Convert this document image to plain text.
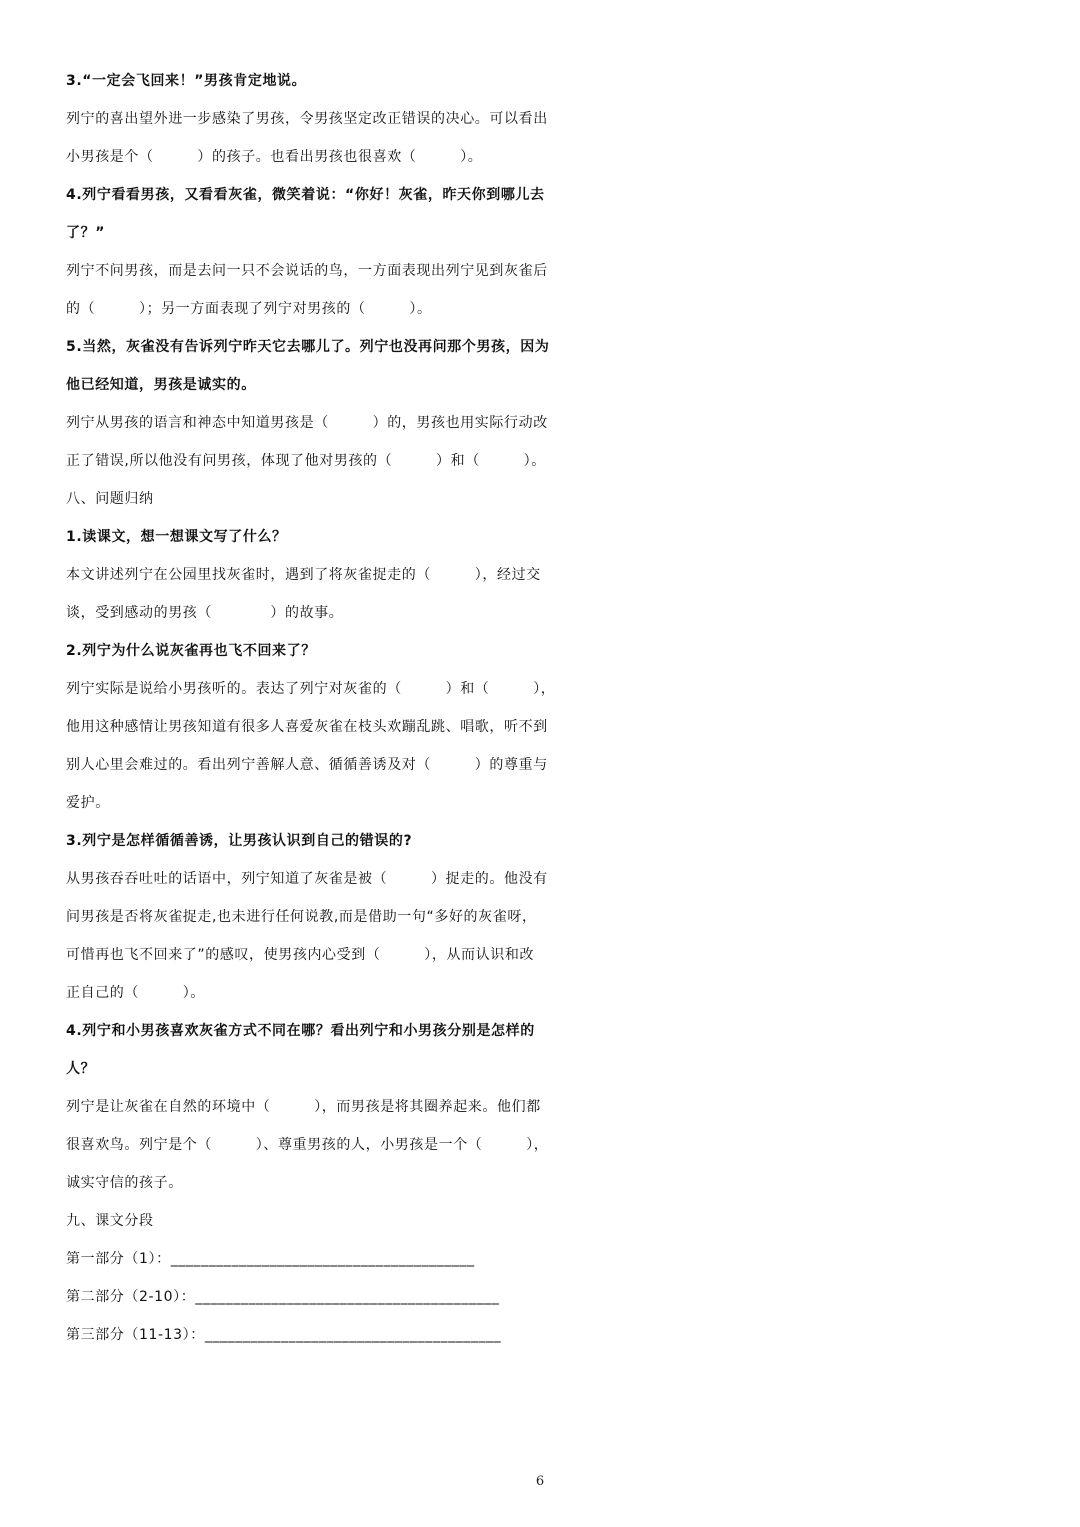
3.“一定会飞回来！”男孩肯定地说。
列宁的喜出望外进一步感染了男孩，令男孩坚定改正错误的决心。可以看出
小男孩是个（　　　）的孩子。也看出男孩也很喜欢（　　　）。
4.列宁看看男孩，又看看灰雀，微笑着说：“你好！灰雀，昨天你到哪儿去
了？”
列宁不问男孩，而是去问一只不会说话的鸟，一方面表现出列宁见到灰雀后
的（　　　）；另一方面表现了列宁对男孩的（　　　）。
5.当然，灰雀没有告诉列宁昨天它去哪儿了。列宁也没再问那个男孩，因为
他已经知道，男孩是诚实的。
列宁从男孩的语言和神态中知道男孩是（　　　）的，男孩也用实际行动改
正了错误,所以他没有问男孩，体现了他对男孩的（　　　）和（　　　）。
八、问题归纳
1.读课文，想一想课文写了什么？
本文讲述列宁在公园里找灰雀时，遇到了将灰雀捉走的（　　　），经过交
谈，受到感动的男孩（　　　　）的故事。
2.列宁为什么说灰雀再也飞不回来了？
列宁实际是说给小男孩听的。表达了列宁对灰雀的（　　　）和（　　　），
他用这种感情让男孩知道有很多人喜爱灰雀在枝头欢蹦乱跳、唱歌，听不到
别人心里会难过的。看出列宁善解人意、循循善诱及对（　　　）的尊重与
爱护。
3.列宁是怎样循循善诱，让男孩认识到自己的错误的?
从男孩吞吞吐吐的话语中，列宁知道了灰雀是被（　　　）捉走的。他没有
问男孩是否将灰雀捉走,也未进行任何说教,而是借助一句“多好的灰雀呀，
可惜再也飞不回来了”的感叹，使男孩内心受到（　　　），从而认识和改
正自己的（　　　）。
4.列宁和小男孩喜欢灰雀方式不同在哪？看出列宁和小男孩分别是怎样的
人？
列宁是让灰雀在自然的环境中（　　　），而男孩是将其圈养起来。他们都
很喜欢鸟。列宁是个（　　　）、尊重男孩的人，小男孩是一个（　　　），
诚实守信的孩子。
九、课文分段
第一部分（1）：________________________________________
第二部分（2-10）：________________________________________
第三部分（11-13）：_______________________________________
6
